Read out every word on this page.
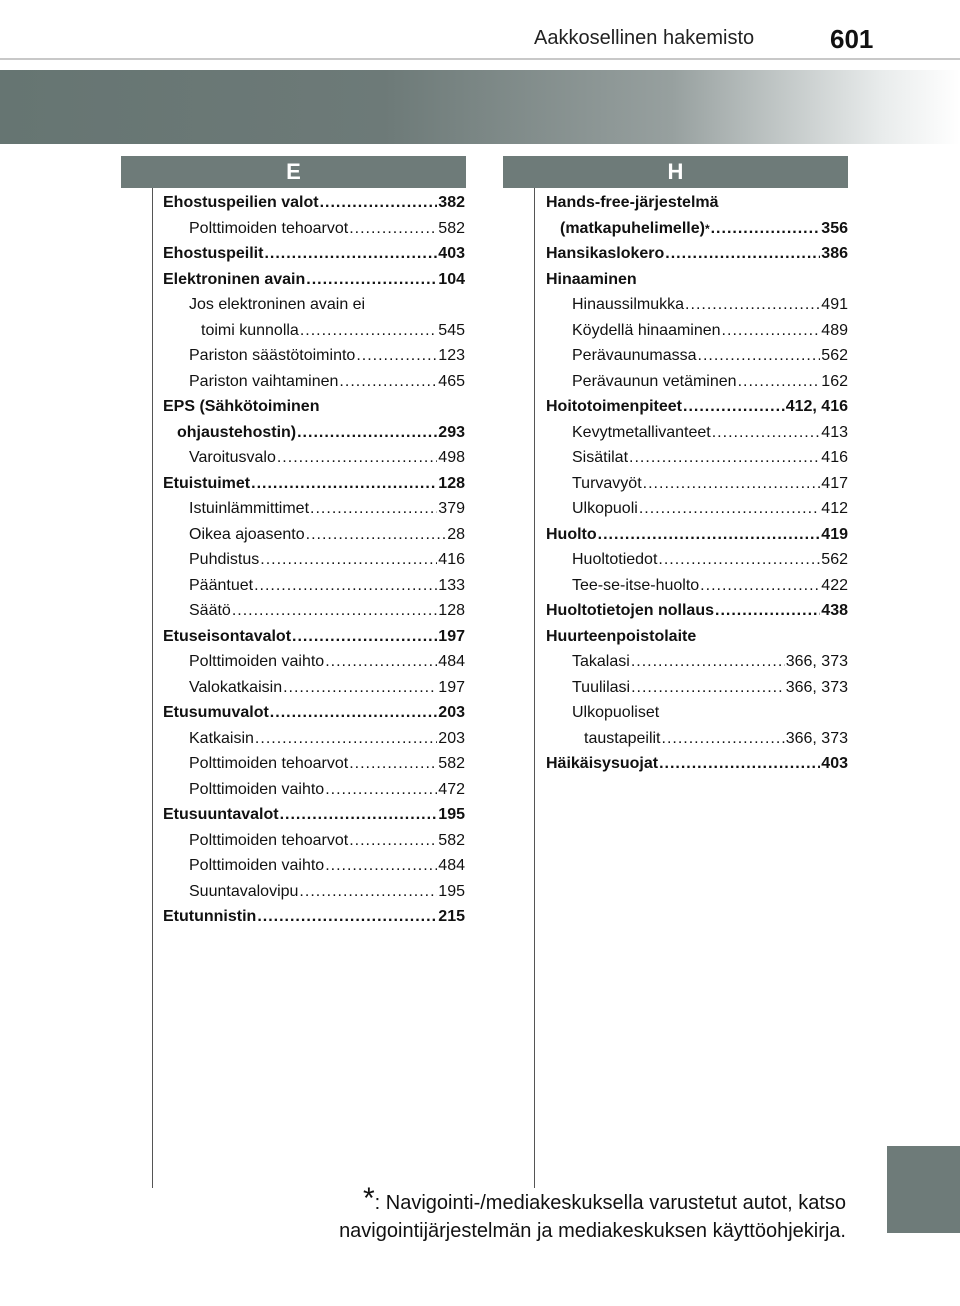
Aakkosellinen hakemisto	601
E	H
Ehostuspeilien valot .....	382
Polttimoiden tehoarvot .....	582
Ehostuspeilit .....	403
Elektroninen avain .....	104
Jos elektroninen avain ei
toimi kunnolla .....	545
Pariston säästötoiminto .....	123
Pariston vaihtaminen .....	465
EPS (Sähkötoiminen
ohjaustehostin) .....	293
Varoitusvalo .....	498
Etuistuimet .....	128
Istuinlämmittimet .....	379
Oikea ajoasento .....	28
Puhdistus .....	416
Pääntuet .....	133
Säätö .....	128
Etuseisontavalot .....	197
Polttimoiden vaihto .....	484
Valokatkaisin .....	197
Etusumuvalot .....	203
Katkaisin .....	203
Polttimoiden tehoarvot .....	582
Polttimoiden vaihto .....	472
Etusuuntavalot .....	195
Polttimoiden tehoarvot .....	582
Polttimoiden vaihto .....	484
Suuntavalovipu .....	195
Etutunnistin .....	215
Hands-free-järjestelmä
(matkapuhelimelle) * .....	356
Hansikaslokero .....	386
Hinaaminen
Hinaussilmukka .....	491
Köydellä hinaaminen .....	489
Perävaunumassa .....	562
Perävaunun vetäminen .....	162
Hoitotoimenpiteet .....	412, 416
Kevytmetallivanteet .....	413
Sisätilat .....	416
Turvavyöt .....	417
Ulkopuoli .....	412
Huolto .....	419
Huoltotiedot .....	562
Tee-se-itse-huolto .....	422
Huoltotietojen nollaus .....	438
Huurteenpoistolaite
Takalasi .....	366, 373
Tuulilasi .....	366, 373
Ulkopuoliset
taustapeilit .....	366, 373
Häikäisysuojat .....	403
*: Navigointi-/mediakeskuksella varustetut autot, katso
navigointijärjestelmän ja mediakeskuksen käyttöohjekirja.
